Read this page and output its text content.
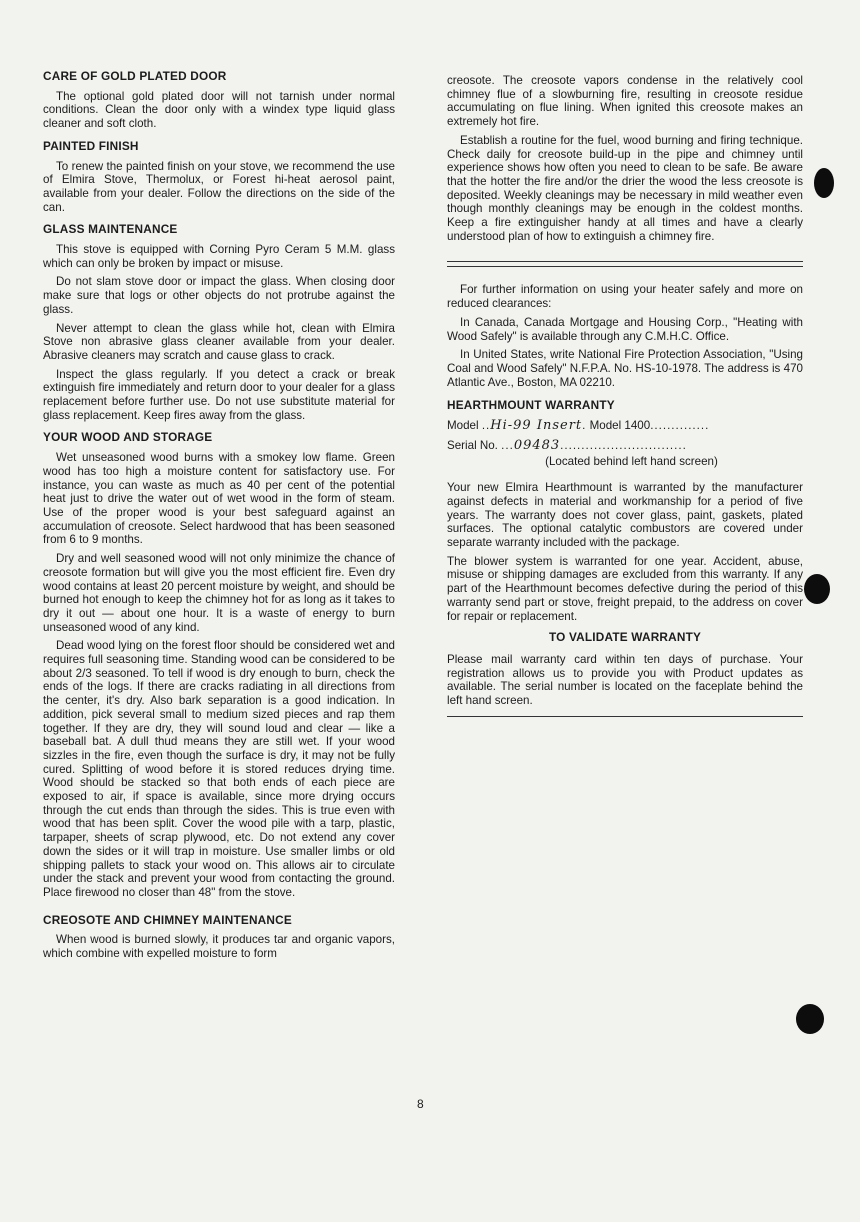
CARE OF GOLD PLATED DOOR

The optional gold plated door will not tarnish under normal conditions. Clean the door only with a windex type liquid glass cleaner and soft cloth.

PAINTED FINISH

To renew the painted finish on your stove, we recommend the use of Elmira Stove, Thermolux, or Forest hi-heat aerosol paint, available from your dealer. Follow the directions on the side of the can.

GLASS MAINTENANCE

This stove is equipped with Corning Pyro Ceram 5 M.M. glass which can only be broken by impact or misuse.

Do not slam stove door or impact the glass. When closing door make sure that logs or other objects do not protrube against the glass.

Never attempt to clean the glass while hot, clean with Elmira Stove non abrasive glass cleaner available from your dealer. Abrasive cleaners may scratch and cause glass to crack.

Inspect the glass regularly. If you detect a crack or break extinguish fire immediately and return door to your dealer for a glass replacement before further use. Do not use substitute material for glass replacement. Keep fires away from the glass.

YOUR WOOD AND STORAGE

Wet unseasoned wood burns with a smokey low flame. Green wood has too high a moisture content for satisfactory use. For instance, you can waste as much as 40 per cent of the potential heat just to drive the water out of wet wood in the form of steam. Use of the proper wood is your best safeguard against an accumulation of creosote. Select hardwood that has been seasoned from 6 to 9 months.

Dry and well seasoned wood will not only minimize the chance of creosote formation but will give you the most efficient fire. Even dry wood contains at least 20 percent moisture by weight, and should be burned hot enough to keep the chimney hot for as long as it takes to dry it out — about one hour. It is a waste of energy to burn unseasoned wood of any kind.

Dead wood lying on the forest floor should be considered wet and requires full seasoning time. Standing wood can be considered to be about 2/3 seasoned. To tell if wood is dry enough to burn, check the ends of the logs. If there are cracks radiating in all directions from the center, it's dry. Also bark separation is a good indication. In addition, pick several small to medium sized pieces and rap them together. If they are dry, they will sound loud and clear — like a baseball bat. A dull thud means they are still wet. If your wood sizzles in the fire, even though the surface is dry, it may not be fully cured. Splitting of wood before it is stored reduces drying time. Wood should be stacked so that both ends of each piece are exposed to air, if space is available, since more drying occurs through the cut ends than through the sides. This is true even with wood that has been split. Cover the wood pile with a tarp, plastic, tarpaper, sheets of scrap plywood, etc. Do not extend any cover down the sides or it will trap in moisture. Use smaller limbs or old shipping pallets to stack your wood on. This allows air to circulate under the stack and prevent your wood from contacting the ground. Place firewood no closer than 48" from the stove.

CREOSOTE AND CHIMNEY MAINTENANCE

When wood is burned slowly, it produces tar and organic vapors, which combine with expelled moisture to form

creosote. The creosote vapors condense in the relatively cool chimney flue of a slowburning fire, resulting in creosote residue accumulating on flue lining. When ignited this creosote makes an extremely hot fire.

Establish a routine for the fuel, wood burning and firing technique. Check daily for creosote build-up in the pipe and chimney until experience shows how often you need to clean to be safe. Be aware that the hotter the fire and/or the drier the wood the less creosote is deposited. Weekly cleanings may be necessary in mild weather even though monthly cleanings may be enough in the coldest months. Keep a fire extinguisher handy at all times and have a clearly understood plan of how to extinguish a chimney fire.

For further information on using your heater safely and more on reduced clearances:

In Canada, Canada Mortgage and Housing Corp., "Heating with Wood Safely" is available through any C.M.H.C. Office.

In United States, write National Fire Protection Association, "Using Coal and Wood Safely" N.F.P.A. No. HS-10-1978. The address is 470 Atlantic Ave., Boston, MA 02210.

HEARTHMOUNT WARRANTY
Model ..Hi-99 Insert. Model 1400..............
Serial No. ...09483..............................

(Located behind left hand screen)

Your new Elmira Hearthmount is warranted by the manufacturer against defects in material and workmanship for a period of five years. The warranty does not cover glass, paint, gaskets, plated surfaces. The optional catalytic combustors are covered under separate warranty included with the package.

The blower system is warranted for one year. Accident, abuse, misuse or shipping damages are excluded from this warranty. If any part of the Hearthmount becomes defective during the period of this warranty send part or stove, freight prepaid, to the address on cover for repair or replacement.

TO VALIDATE WARRANTY

Please mail warranty card within ten days of purchase. Your registration allows us to provide you with Product updates as available. The serial number is located on the faceplate behind the left hand screen.

8
